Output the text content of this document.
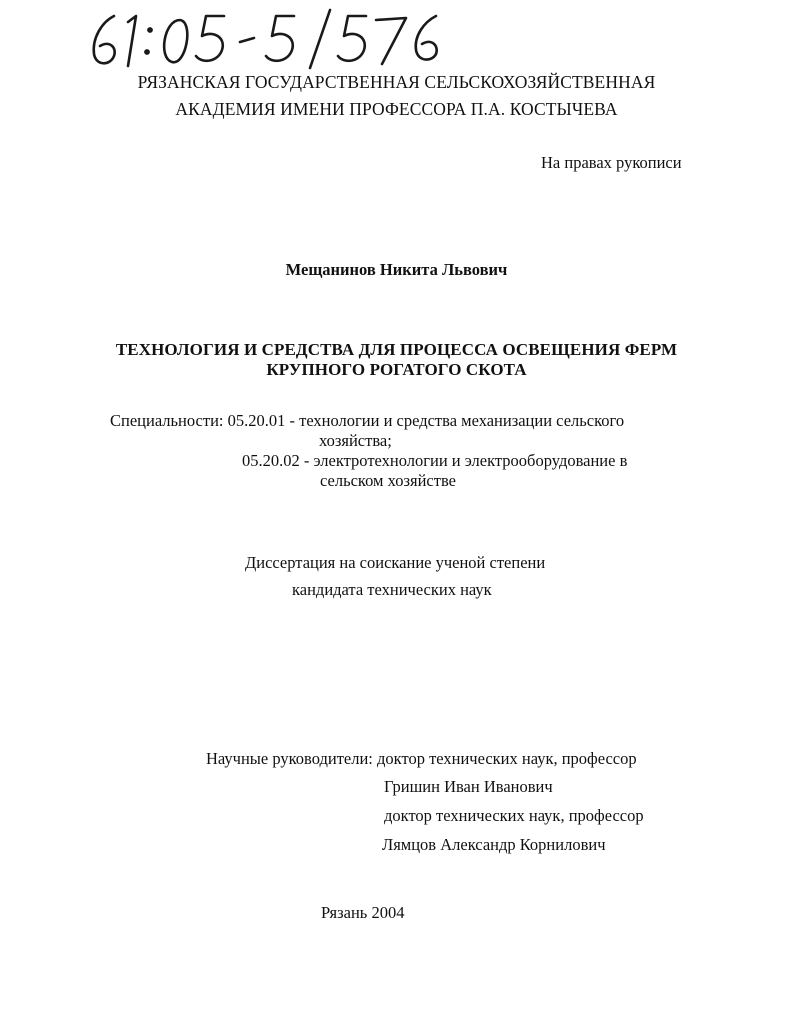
РЯЗАНСКАЯ ГОСУДАРСТВЕННАЯ СЕЛЬСКОХОЗЯЙСТВЕННАЯ
АКАДЕМИЯ ИМЕНИ ПРОФЕССОРА П.А. КОСТЫЧЕВА
На правах рукописи
Мещанинов Никита Львович
ТЕХНОЛОГИЯ И СРЕДСТВА ДЛЯ ПРОЦЕССА ОСВЕЩЕНИЯ ФЕРМ
КРУПНОГО РОГАТОГО СКОТА
Специальности: 05.20.01 - технологии и средства механизации сельского
хозяйства;
05.20.02 - электротехнологии и электрооборудование в
сельском хозяйстве
Диссертация на соискание ученой степени
кандидата технических наук
Научные руководители: доктор технических наук, профессор
Гришин Иван Иванович
доктор технических наук, профессор
Лямцов Александр Корнилович
Рязань 2004
